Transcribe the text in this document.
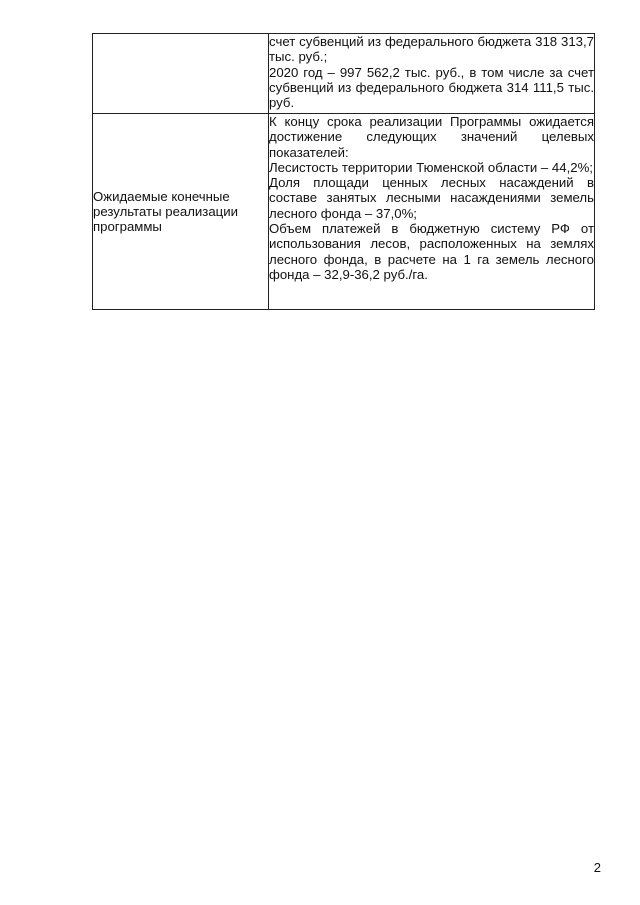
	счет субвенций из федерального бюджета 318 313,7 тыс. руб.;

2020 год – 997 562,2 тыс. руб., в том числе за счет субвенций из федерального бюджета 314 111,5 тыс. руб.

Ожидаемые конечные результаты реализации программы	К концу срока реализации Программы ожидается достижение следующих значений целевых показателей:

Лесистость территории Тюменской области – 44,2%;

Доля площади ценных лесных насаждений в составе занятых лесными насаждениями земель лесного фонда – 37,0%;

Объем платежей в бюджетную систему РФ от использования лесов, расположенных на землях лесного фонда, в расчете на 1 га земель лесного фонда – 32,9-36,2 руб./га.

2
